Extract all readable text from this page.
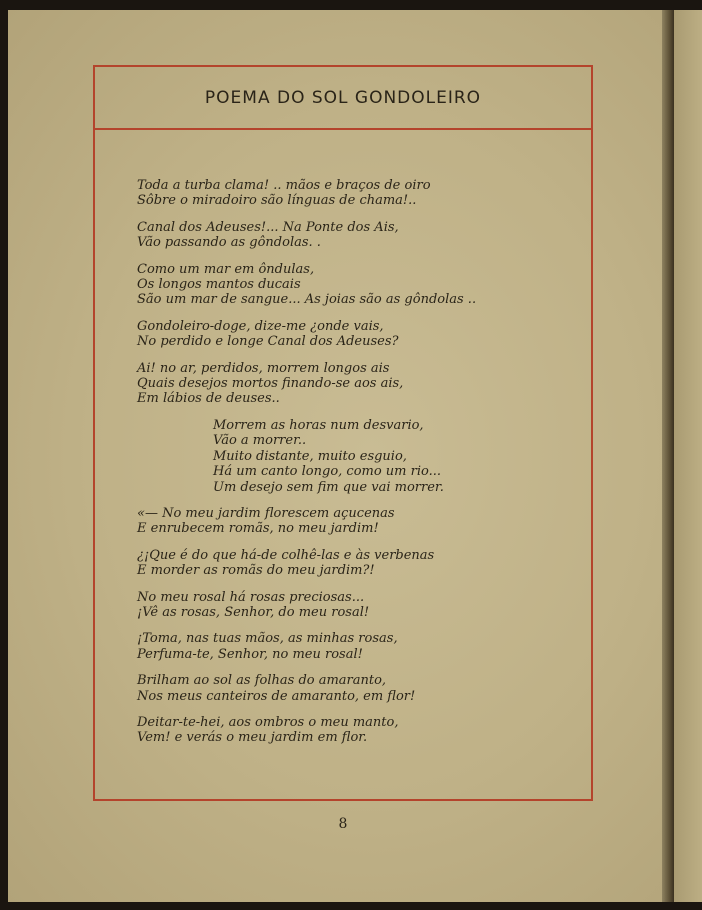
POEMA DO SOL GONDOLEIRO
Toda a turba clama! .. mãos e braços de oiro
Sôbre o miradoiro são línguas de chama!..
Canal dos Adeuses!... Na Ponte dos Ais,
Vão passando as gôndolas. .
Como um mar em ôndulas,
Os longos mantos ducais
São um mar de sangue... As joias são as gôndolas ..
Gondoleiro-doge, dize-me ¿onde vais,
No perdido e longe Canal dos Adeuses?
Ai! no ar, perdidos, morrem longos ais
Quais desejos mortos finando-se aos ais,
Em lábios de deuses..
Morrem as horas num desvario,
Vão a morrer..
Muito distante, muito esguio,
Há um canto longo, como um rio...
Um desejo sem fim que vai morrer.
«— No meu jardim florescem açucenas
E enrubecem romãs, no meu jardim!
¿¡Que é do que há-de colhê-las e às verbenas
E morder as romãs do meu jardim?!
No meu rosal há rosas preciosas...
¡Vê as rosas, Senhor, do meu rosal!
¡Toma, nas tuas mãos, as minhas rosas,
Perfuma-te, Senhor, no meu rosal!
Brilham ao sol as folhas do amaranto,
Nos meus canteiros de amaranto, em flor!
Deitar-te-hei, aos ombros o meu manto,
Vem! e verás o meu jardim em flor.
8
